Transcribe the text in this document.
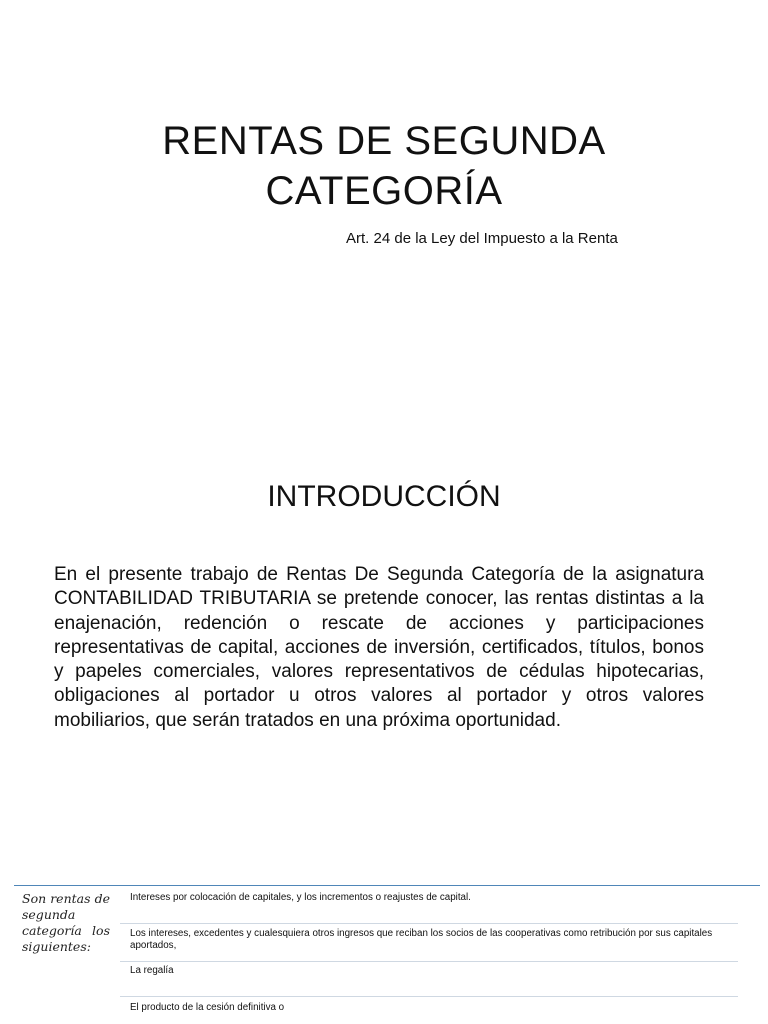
RENTAS DE SEGUNDA
CATEGORÍA
Art. 24 de la Ley del Impuesto a la Renta
INTRODUCCIÓN

En el presente trabajo de Rentas De Segunda Categoría de la asignatura CONTABILIDAD TRIBUTARIA se pretende conocer, las rentas distintas a la enajenación, redención o rescate de acciones y participaciones representativas de capital, acciones de inversión, certificados, títulos, bonos y papeles comerciales, valores representativos de cédulas hipotecarias, obligaciones al portador u otros valores al portador y otros valores mobiliarios, que serán tratados en una próxima oportunidad.

Son rentas de segunda categoría los siguientes:
Intereses por colocación de capitales, y los incrementos o reajustes de capital.
Los intereses, excedentes y cualesquiera otros ingresos que reciban los socios de las cooperativas como retribución por sus capitales aportados,
La regalía
El producto de la cesión definitiva o
